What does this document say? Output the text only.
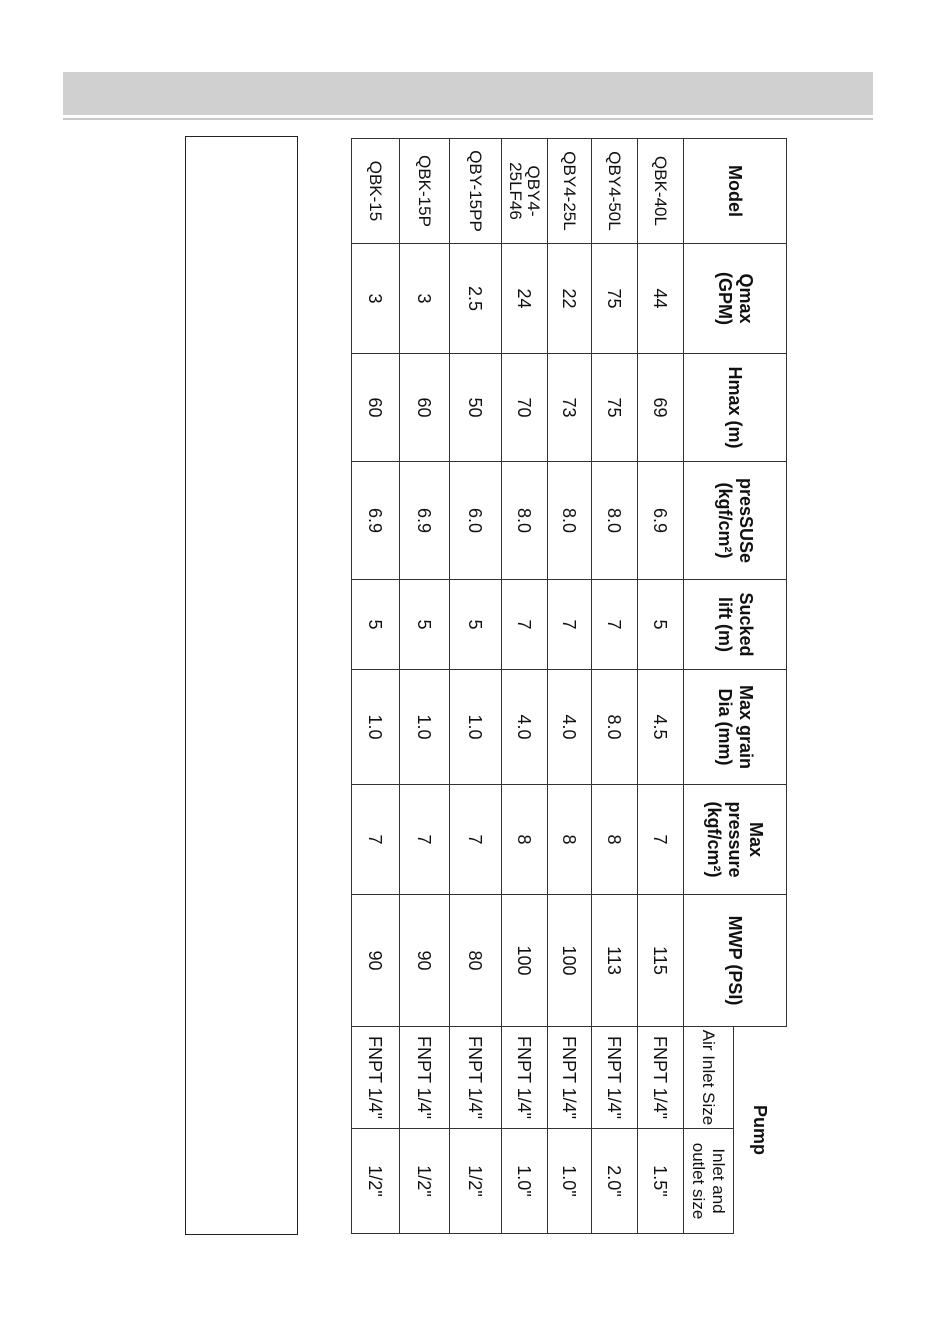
Model	Qmax (GPM)	Hmax (m)	presSUSe (kgf/cm²)	Sucked lift (m)	Max grain Dia (mm)	Max pressure (kgf/cm²)	MWP (PSI)	Pump	
								Air Inlet Size	Inlet and outlet size
QBK-40L	44	69	6.9	5	4.5	7	115	FNPT 1/4"	1.5"
QBY4-50L	75	75	8.0	7	8.0	8	113	FNPT 1/4"	2.0"
QBY4-25L	22	73	8.0	7	4.0	8	100	FNPT 1/4"	1.0"
QBY4-25LF46	24	70	8.0	7	4.0	8	100	FNPT 1/4"	1.0"
QBY-15PP	2.5	50	6.0	5	1.0	7	80	FNPT 1/4"	1/2"
QBK-15P	3	60	6.9	5	1.0	7	90	FNPT 1/4"	1/2"
QBK-15	3	60	6.9	5	1.0	7	90	FNPT 1/4"	1/2"
